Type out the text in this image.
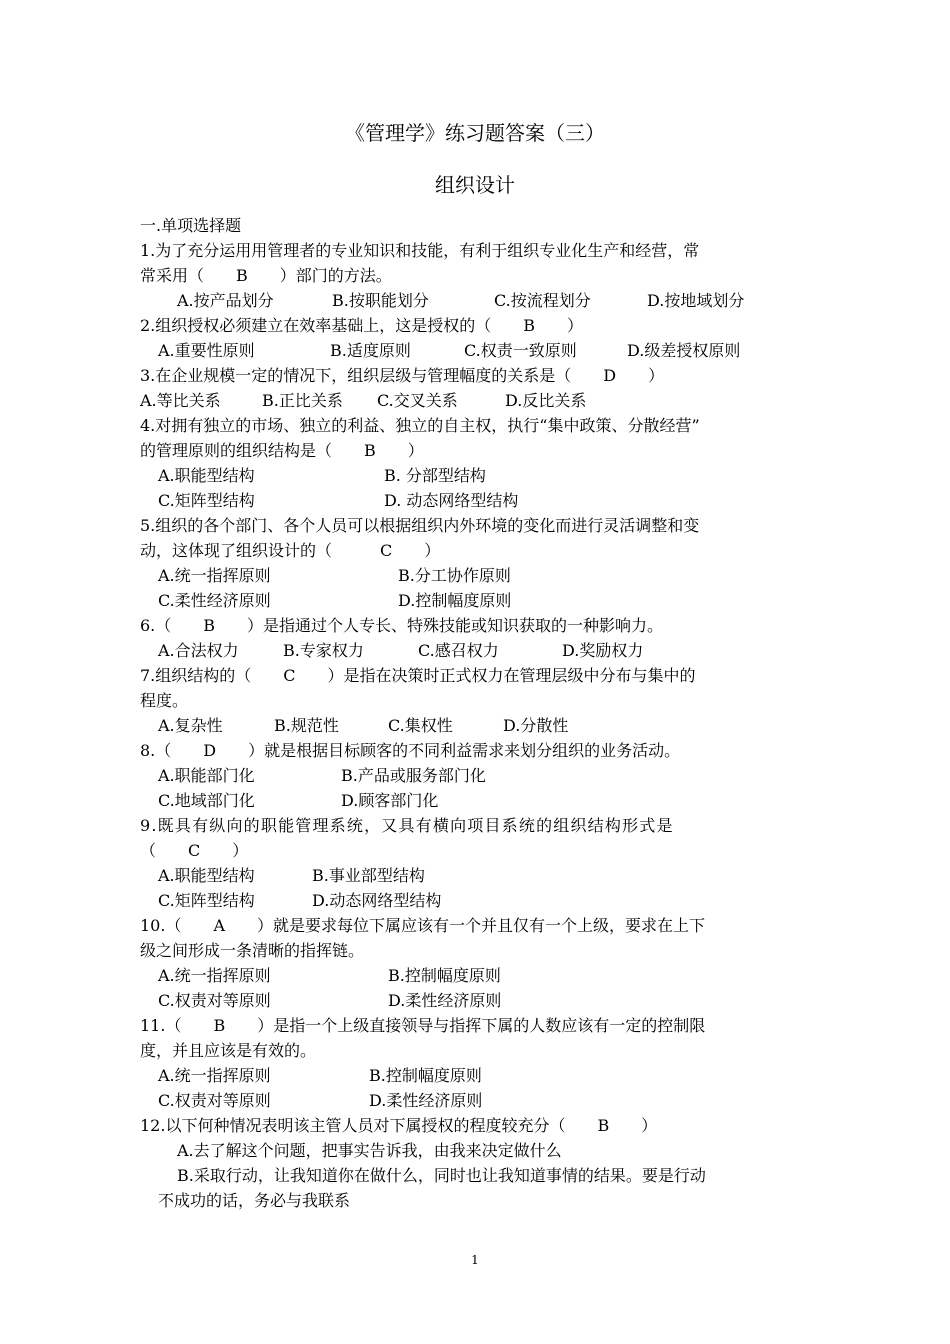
《管理学》练习题答案（三）
组织设计
一.单项选择题
1.为了充分运用用管理者的专业知识和技能，有利于组织专业化生产和经营，常
常采用（　　B　　）部门的方法。
A.按产品划分	B.按职能划分	C.按流程划分	D.按地域划分
2.组织授权必须建立在效率基础上，这是授权的（　　B　　）
A.重要性原则	B.适度原则	C.权责一致原则	D.级差授权原则
3.在企业规模一定的情况下，组织层级与管理幅度的关系是（　　D　　）
A.等比关系	B.正比关系	C.交叉关系	D.反比关系
4.对拥有独立的市场、独立的利益、独立的自主权，执行“集中政策、分散经营”
的管理原则的组织结构是（　　B　　）
A.职能型结构	B. 分部型结构
C.矩阵型结构	D. 动态网络型结构
5.组织的各个部门、各个人员可以根据组织内外环境的变化而进行灵活调整和变
动，这体现了组织设计的（　　　C　　）
A.统一指挥原则	B.分工协作原则
C.柔性经济原则	D.控制幅度原则
6.（　　B　　）是指通过个人专长、特殊技能或知识获取的一种影响力。
A.合法权力	B.专家权力	C.感召权力	D.奖励权力
7.组织结构的（　　C　　）是指在决策时正式权力在管理层级中分布与集中的
程度。
A.复杂性	B.规范性	C.集权性	D.分散性
8.（　　D　　）就是根据目标顾客的不同利益需求来划分组织的业务活动。
A.职能部门化	B.产品或服务部门化
C.地域部门化	D.顾客部门化
9.既具有纵向的职能管理系统，又具有横向项目系统的组织结构形式是
（　　C　　）
A.职能型结构	B.事业部型结构
C.矩阵型结构	D.动态网络型结构
10.（　　A　　）就是要求每位下属应该有一个并且仅有一个上级，要求在上下
级之间形成一条清晰的指挥链。
A.统一指挥原则	B.控制幅度原则
C.权责对等原则	D.柔性经济原则
11.（　　B　　）是指一个上级直接领导与指挥下属的人数应该有一定的控制限
度，并且应该是有效的。
A.统一指挥原则	B.控制幅度原则
C.权责对等原则	D.柔性经济原则
12.以下何种情况表明该主管人员对下属授权的程度较充分（　　B　　）
A.去了解这个问题，把事实告诉我，由我来决定做什么
B.采取行动，让我知道你在做什么，同时也让我知道事情的结果。要是行动
不成功的话，务必与我联系
1
